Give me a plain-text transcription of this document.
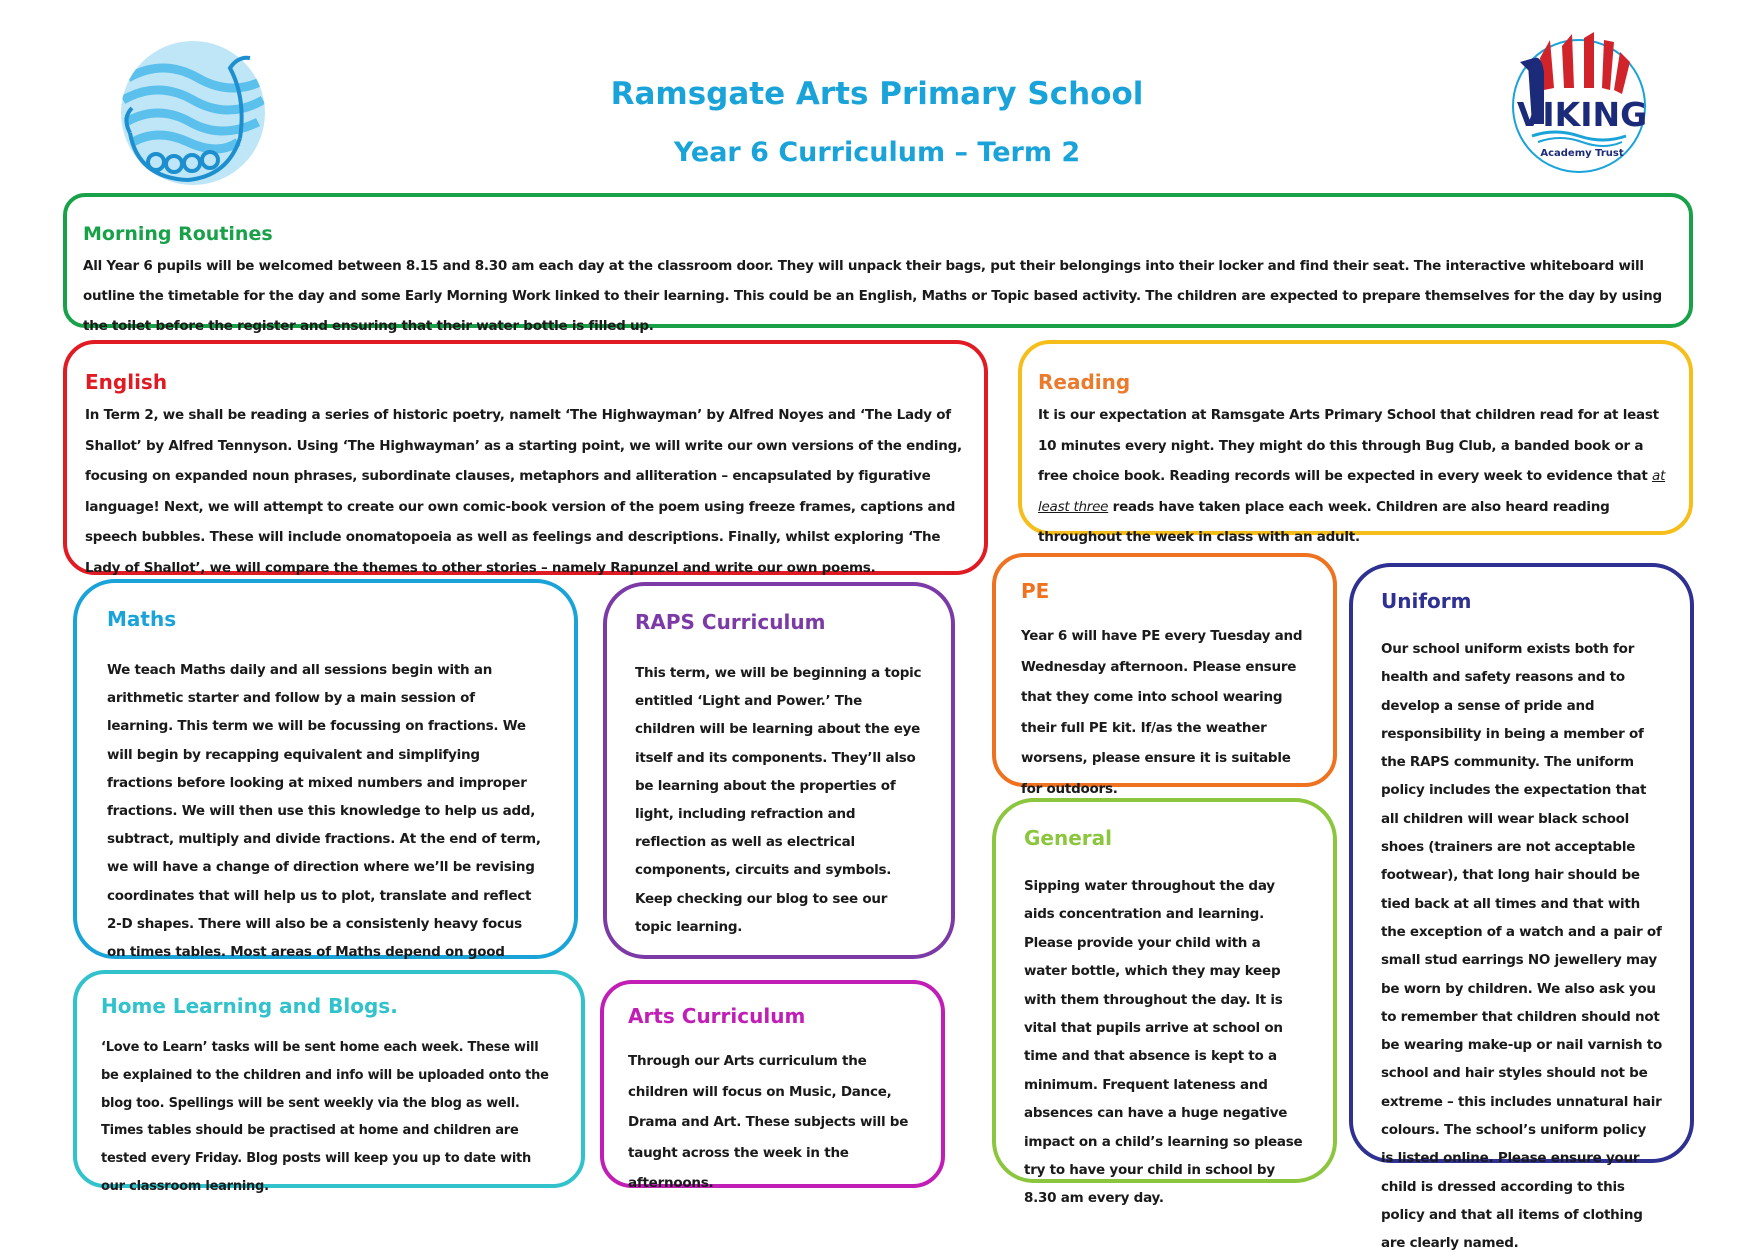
VIKING
Academy Trust
Ramsgate Arts Primary School
Year 6 Curriculum – Term 2
Morning Routines

All Year 6 pupils will be welcomed between 8.15 and 8.30 am each day at the classroom door. They will unpack their bags, put their belongings into their locker and find their seat. The interactive whiteboard will outline the timetable for the day and some Early Morning Work linked to their learning. This could be an English, Maths or Topic based activity. The children are expected to prepare themselves for the day by using the toilet before the register and ensuring that their water bottle is filled up.

English

In Term 2, we shall be reading a series of historic poetry, namelt ‘The Highwayman’ by Alfred Noyes and ‘The Lady of Shallot’ by Alfred Tennyson. Using ‘The Highwayman’ as a starting point, we will write our own versions of the ending, focusing on expanded noun phrases, subordinate clauses, metaphors and alliteration – encapsulated by figurative language! Next, we will attempt to create our own comic-book version of the poem using freeze frames, captions and speech bubbles. These will include onomatopoeia as well as feelings and descriptions. Finally, whilst exploring ‘The Lady of Shallot’, we will compare the themes to other stories – namely Rapunzel and write our own poems.

Reading

It is our expectation at Ramsgate Arts Primary School that children read for at least 10 minutes every night. They might do this through Bug Club, a banded book or a free choice book. Reading records will be expected in every week to evidence that at least three reads have taken place each week. Children are also heard reading throughout the week in class with an adult.

Maths

We teach Maths daily and all sessions begin with an arithmetic starter and follow by a main session of learning. This term we will be focussing on fractions. We will begin by recapping equivalent and simplifying fractions before looking at mixed numbers and improper fractions. We will then use this knowledge to help us add, subtract, multiply and divide fractions. At the end of term, we will have a change of direction where we’ll be revising coordinates that will help us to plot, translate and reflect 2-D shapes. There will also be a consistenly heavy focus on times tables. Most areas of Maths depend on good

RAPS Curriculum

This term, we will be beginning a topic entitled ‘Light and Power.’ The children will be learning about the eye itself and its components. They’ll also be learning about the properties of light, including refraction and reflection as well as electrical components, circuits and symbols. Keep checking our blog to see our topic learning.

PE

Year 6 will have PE every Tuesday and Wednesday afternoon. Please ensure that they come into school wearing their full PE kit. If/as the weather worsens, please ensure it is suitable for outdoors.

General

Sipping water throughout the day aids concentration and learning. Please provide your child with a water bottle, which they may keep with them throughout the day. It is vital that pupils arrive at school on time and that absence is kept to a minimum. Frequent lateness and absences can have a huge negative impact on a child’s learning so please try to have your child in school by 8.30 am every day.

Uniform

Our school uniform exists both for health and safety reasons and to develop a sense of pride and responsibility in being a member of the RAPS community. The uniform policy includes the expectation that all children will wear black school shoes (trainers are not acceptable footwear), that long hair should be tied back at all times and that with the exception of a watch and a pair of small stud earrings NO jewellery may be worn by children. We also ask you to remember that children should not be wearing make-up or nail varnish to school and hair styles should not be extreme – this includes unnatural hair colours. The school’s uniform policy is listed online. Please ensure your child is dressed according to this policy and that all items of clothing are clearly named.

Home Learning and Blogs.

‘Love to Learn’ tasks will be sent home each week. These will be explained to the children and info will be uploaded onto the blog too. Spellings will be sent weekly via the blog as well. Times tables should be practised at home and children are tested every Friday. Blog posts will keep you up to date with our classroom learning.

Arts Curriculum

Through our Arts curriculum the children will focus on Music, Dance, Drama and Art. These subjects will be taught across the week in the afternoons.
